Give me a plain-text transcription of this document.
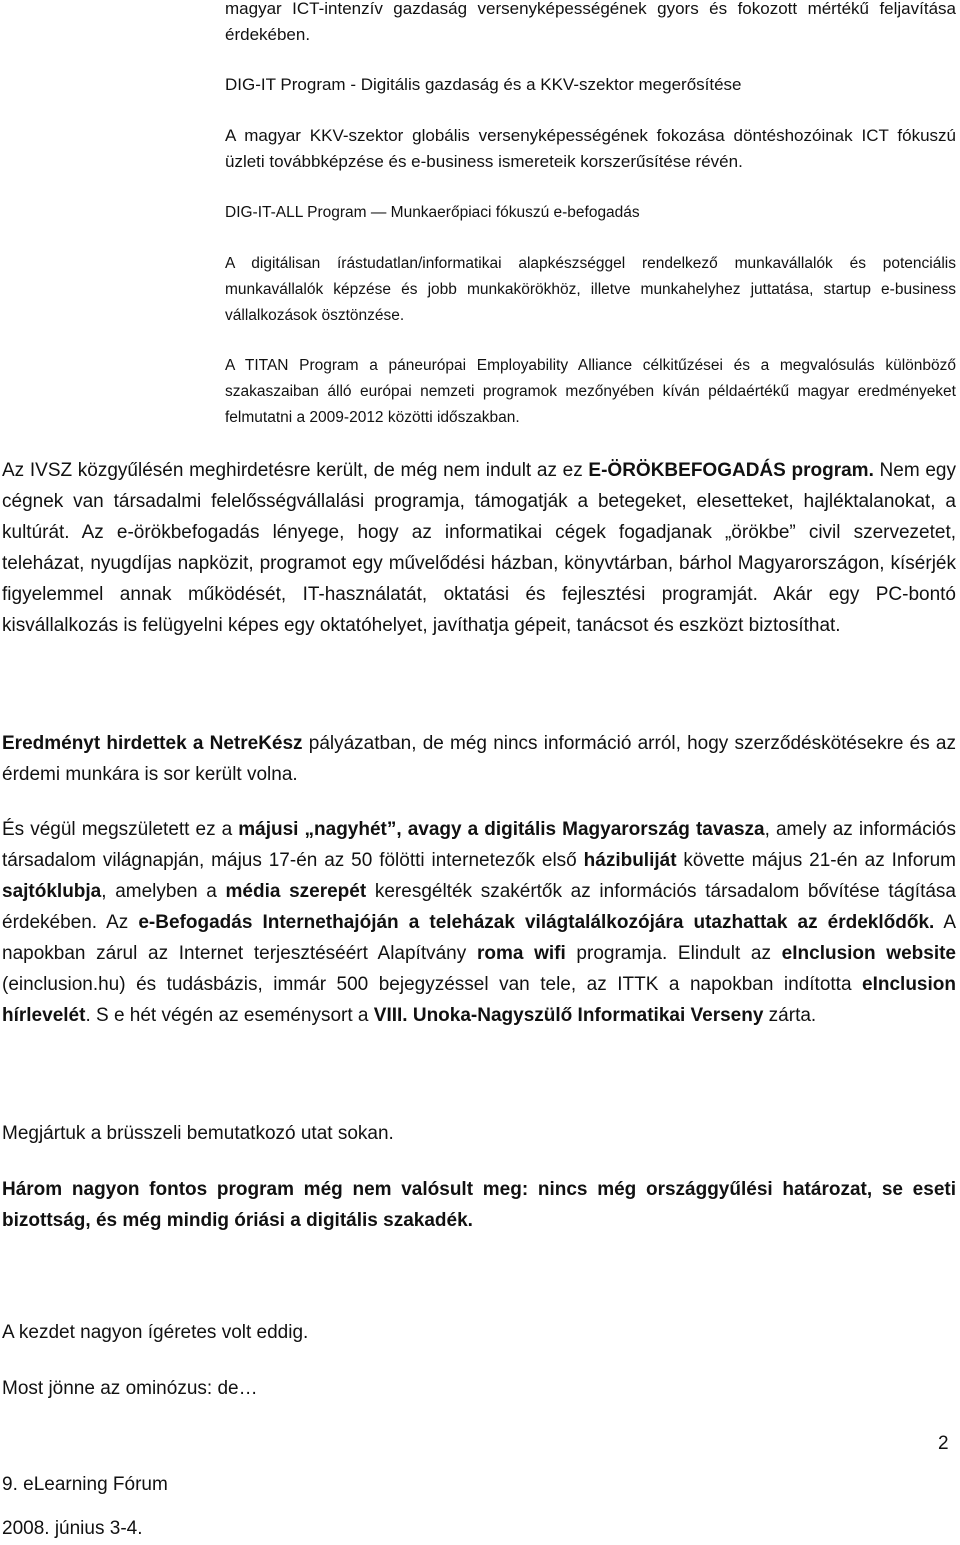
magyar ICT-intenzív gazdaság versenyképességének gyors és fokozott mértékű feljavítása érdekében.

DIG-IT Program - Digitális gazdaság és a KKV-szektor megerősítése

A magyar KKV-szektor globális versenyképességének fokozása döntéshozóinak ICT fókuszú üzleti továbbképzése és e-business ismereteik korszerűsítése révén.

DIG-IT-ALL Program — Munkaerőpiaci fókuszú e-befogadás

A digitálisan írástudatlan/informatikai alapkészséggel rendelkező munkavállalók és potenciális munkavállalók képzése és jobb munkakörökhöz, illetve munkahelyhez juttatása, startup e-business vállalkozások ösztönzése.

A TITAN Program a páneurópai Employability Alliance célkitűzései és a megvalósulás különböző szakaszaiban álló európai nemzeti programok mezőnyében kíván példaértékű magyar eredményeket felmutatni a 2009-2012 közötti időszakban.

Az IVSZ közgyűlésén meghirdetésre került, de még nem indult az ez E-ÖRÖKBEFOGADÁS program. Nem egy cégnek van társadalmi felelősségvállalási programja, támogatják a betegeket, elesetteket, hajléktalanokat, a kultúrát. Az e-örökbefogadás lényege, hogy az informatikai cégek fogadjanak „örökbe” civil szervezetet, teleházat, nyugdíjas napközit, programot egy művelődési házban, könyvtárban, bárhol Magyarországon, kísérjék figyelemmel annak működését, IT-használatát, oktatási és fejlesztési programját. Akár egy PC-bontó kisvállalkozás is felügyelni képes egy oktatóhelyet, javíthatja gépeit, tanácsot és eszközt biztosíthat.

Eredményt hirdettek a NetreKész pályázatban, de még nincs információ arról, hogy szerződéskötésekre és az érdemi munkára is sor került volna.

És végül megszületett ez a májusi „nagyhét”, avagy a digitális Magyarország tavasza, amely az információs társadalom világnapján, május 17-én az 50 fölötti internetezők első házibuliját követte május 21-én az Inforum sajtóklubja, amelyben a média szerepét keresgélték szakértők az információs társadalom bővítése tágítása érdekében. Az e-Befogadás Internethajóján a teleházak világtalálkozójára utazhattak az érdeklődők. A napokban zárul az Internet terjesztéséért Alapítvány roma wifi programja. Elindult az eInclusion website (einclusion.hu) és tudásbázis, immár 500 bejegyzéssel van tele, az ITTK a napokban indította eInclusion hírlevelét. S e hét végén az eseménysort a VIII. Unoka-Nagyszülő Informatikai Verseny zárta.

Megjártuk a brüsszeli bemutatkozó utat sokan.

Három nagyon fontos program még nem valósult meg: nincs még országgyűlési határozat, se eseti bizottság, és még mindig óriási a digitális szakadék.

A kezdet nagyon ígéretes volt eddig.

Most jönne az ominózus: de…

2
9. eLearning Fórum
2008. június 3-4.
